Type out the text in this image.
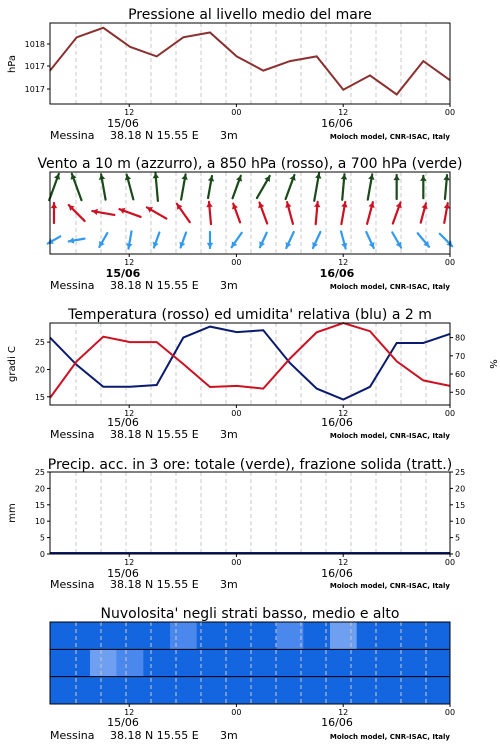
Pressione al livello medio del mare
hPa
1018
1017
1017
12	00	12	00
15/06	16/06
Messina 38.18 N 15.55 E 3m	Moloch model, CNR-ISAC, Italy
Vento a 10 m (azzurro), a 850 hPa (rosso), a 700 hPa (verde)
12	00	12	00
15/06	16/06
Messina 38.18 N 15.55 E 3m	Moloch model, CNR-ISAC, Italy
Temperatura (rosso) ed umidita' relativa (blu) a 2 m
gradi C	%
25
20
15
80
70
60
50
12	00	12	00
15/06	16/06
Messina 38.18 N 15.55 E 3m	Moloch model, CNR-ISAC, Italy
Precip. acc. in 3 ore: totale (verde), frazione solida (tratt.)
mm
25
20
15
10
5
0
25
20
15
10
5
0
12	00	12	00
15/06	16/06
Messina 38.18 N 15.55 E 3m	Moloch model, CNR-ISAC, Italy
Nuvolosita' negli strati basso, medio e alto
12	00	12	00
15/06	16/06
Messina 38.18 N 15.55 E 3m	Moloch model, CNR-ISAC, Italy
